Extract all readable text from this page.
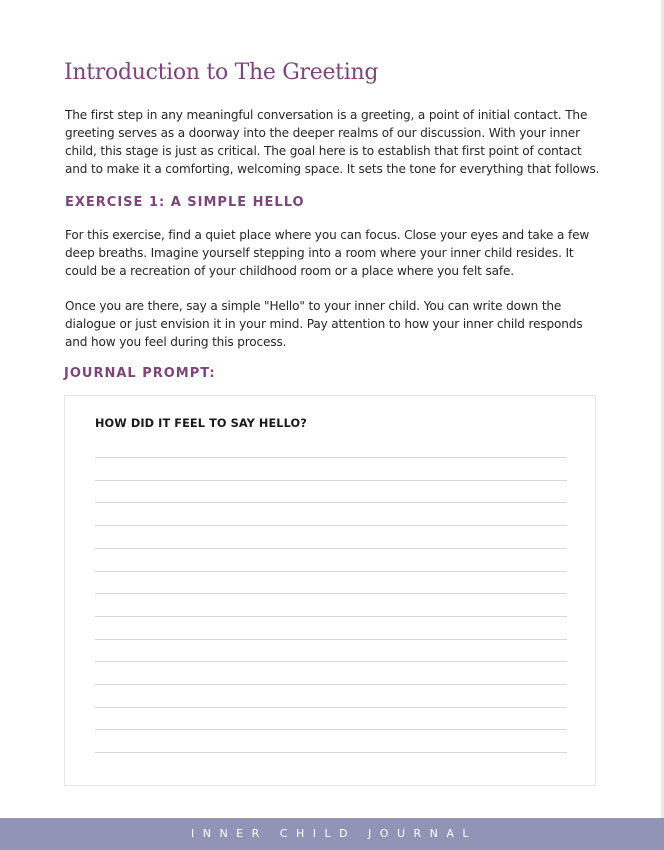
Introduction to The Greeting

The first step in any meaningful conversation is a greeting, a point of initial contact. The
greeting serves as a doorway into the deeper realms of our discussion. With your inner
child, this stage is just as critical. The goal here is to establish that first point of contact
and to make it a comforting, welcoming space. It sets the tone for everything that follows.

EXERCISE 1: A SIMPLE HELLO

For this exercise, find a quiet place where you can focus. Close your eyes and take a few
deep breaths. Imagine yourself stepping into a room where your inner child resides. It
could be a recreation of your childhood room or a place where you felt safe.

Once you are there, say a simple "Hello" to your inner child. You can write down the
dialogue or just envision it in your mind. Pay attention to how your inner child responds
and how you feel during this process.

JOURNAL PROMPT:

HOW DID IT FEEL TO SAY HELLO?

INNER CHILD JOURNAL
